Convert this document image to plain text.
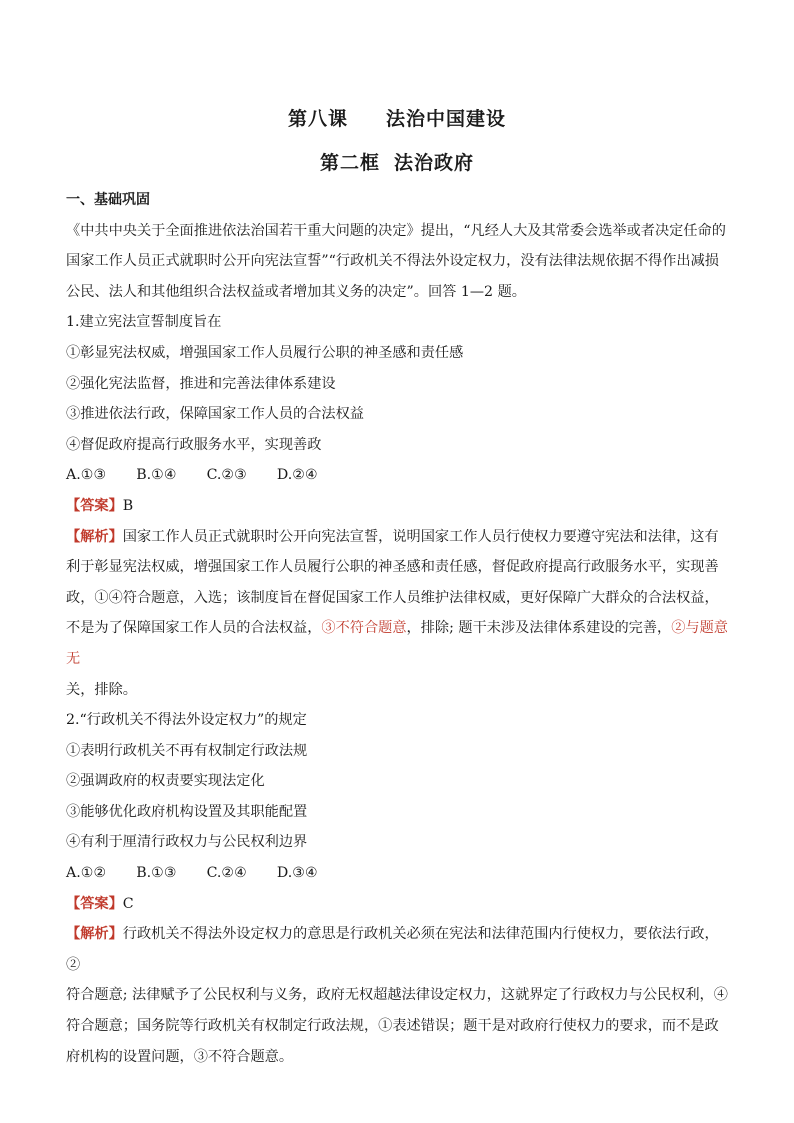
第八课 法治中国建设
第二框 法治政府

一、基础巩固

《中共中央关于全面推进依法治国若干重大问题的决定》提出，“凡经人大及其常委会选举或者决定任命的

国家工作人员正式就职时公开向宪法宣誓”“行政机关不得法外设定权力，没有法律法规依据不得作出减损

公民、法人和其他组织合法权益或者增加其义务的决定”。回答 1—2 题。

1.建立宪法宣誓制度旨在

①彰显宪法权威，增强国家工作人员履行公职的神圣感和责任感

②强化宪法监督，推进和完善法律体系建设

③推进依法行政，保障国家工作人员的合法权益

④督促政府提高行政服务水平，实现善政

A.①③ B.①④ C.②③ D.②④

【答案】B

【解析】国家工作人员正式就职时公开向宪法宣誓，说明国家工作人员行使权力要遵守宪法和法律，这有

利于彰显宪法权威，增强国家工作人员履行公职的神圣感和责任感，督促政府提高行政服务水平，实现善

政，①④符合题意，入选；该制度旨在督促国家工作人员维护法律权威，更好保障广大群众的合法权益，

不是为了保障国家工作人员的合法权益，③不符合题意，排除; 题干未涉及法律体系建设的完善，②与题意无

关，排除。

2.“行政机关不得法外设定权力”的规定

①表明行政机关不再有权制定行政法规

②强调政府的权责要实现法定化

③能够优化政府机构设置及其职能配置

④有利于厘清行政权力与公民权利边界

A.①② B.①③ C.②④ D.③④

【答案】C

【解析】行政机关不得法外设定权力的意思是行政机关必须在宪法和法律范围内行使权力，要依法行政，②

符合题意; 法律赋予了公民权利与义务，政府无权超越法律设定权力，这就界定了行政权力与公民权利，④

符合题意；国务院等行政机关有权制定行政法规，①表述错误；题干是对政府行使权力的要求，而不是政

府机构的设置问题，③不符合题意。
